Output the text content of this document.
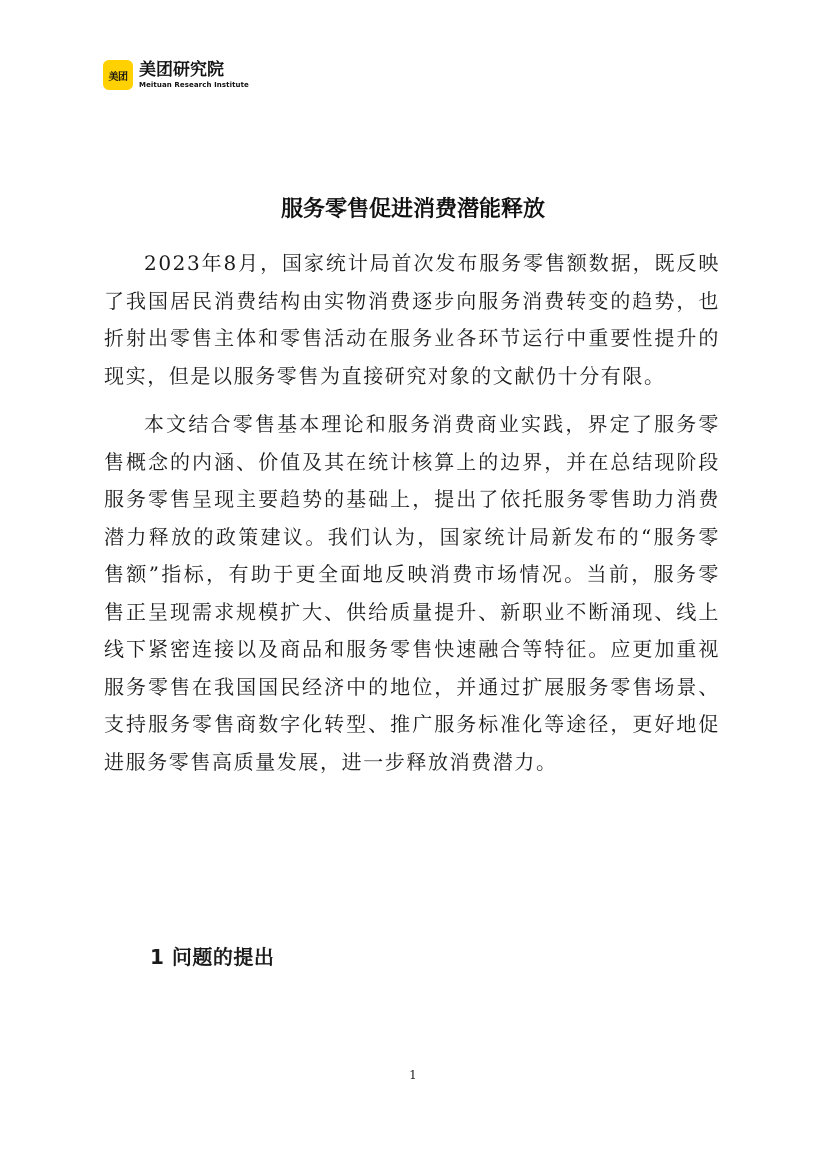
美团 美团研究院
Meituan Research Institute
服务零售促进消费潜能释放

2023年8月，国家统计局首次发布服务零售额数据，既反映了我国居民消费结构由实物消费逐步向服务消费转变的趋势，也折射出零售主体和零售活动在服务业各环节运行中重要性提升的现实，但是以服务零售为直接研究对象的文献仍十分有限。

本文结合零售基本理论和服务消费商业实践，界定了服务零售概念的内涵、价值及其在统计核算上的边界，并在总结现阶段服务零售呈现主要趋势的基础上，提出了依托服务零售助力消费潜力释放的政策建议。我们认为，国家统计局新发布的“服务零售额”指标，有助于更全面地反映消费市场情况。当前，服务零售正呈现需求规模扩大、供给质量提升、新职业不断涌现、线上线下紧密连接以及商品和服务零售快速融合等特征。应更加重视服务零售在我国国民经济中的地位，并通过扩展服务零售场景、支持服务零售商数字化转型、推广服务标准化等途径，更好地促进服务零售高质量发展，进一步释放消费潜力。

1 问题的提出
1
